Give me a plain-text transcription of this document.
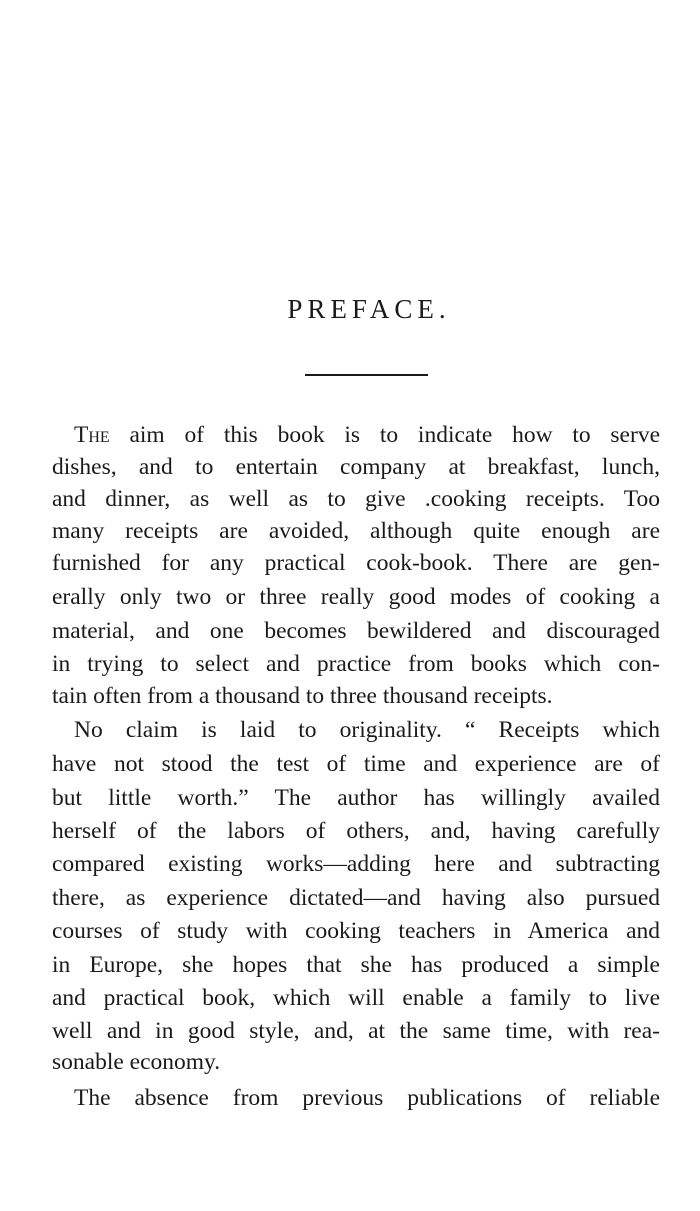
PREFACE.
The aim of this book is to indicate how to serve
dishes, and to entertain company at breakfast, lunch,
and dinner, as well as to give .cooking receipts. Too
many receipts are avoided, although quite enough are
furnished for any practical cook-book. There are gen-
erally only two or three really good modes of cooking a
material, and one becomes bewildered and discouraged
in trying to select and practice from books which con-
tain often from a thousand to three thousand receipts.
No claim is laid to originality. “ Receipts which
have not stood the test of time and experience are of
but little worth.” The author has willingly availed
herself of the labors of others, and, having carefully
compared existing works—adding here and subtracting
there, as experience dictated—and having also pursued
courses of study with cooking teachers in America and
in Europe, she hopes that she has produced a simple
and practical book, which will enable a family to live
well and in good style, and, at the same time, with rea-
sonable economy.
The absence from previous publications of reliable
